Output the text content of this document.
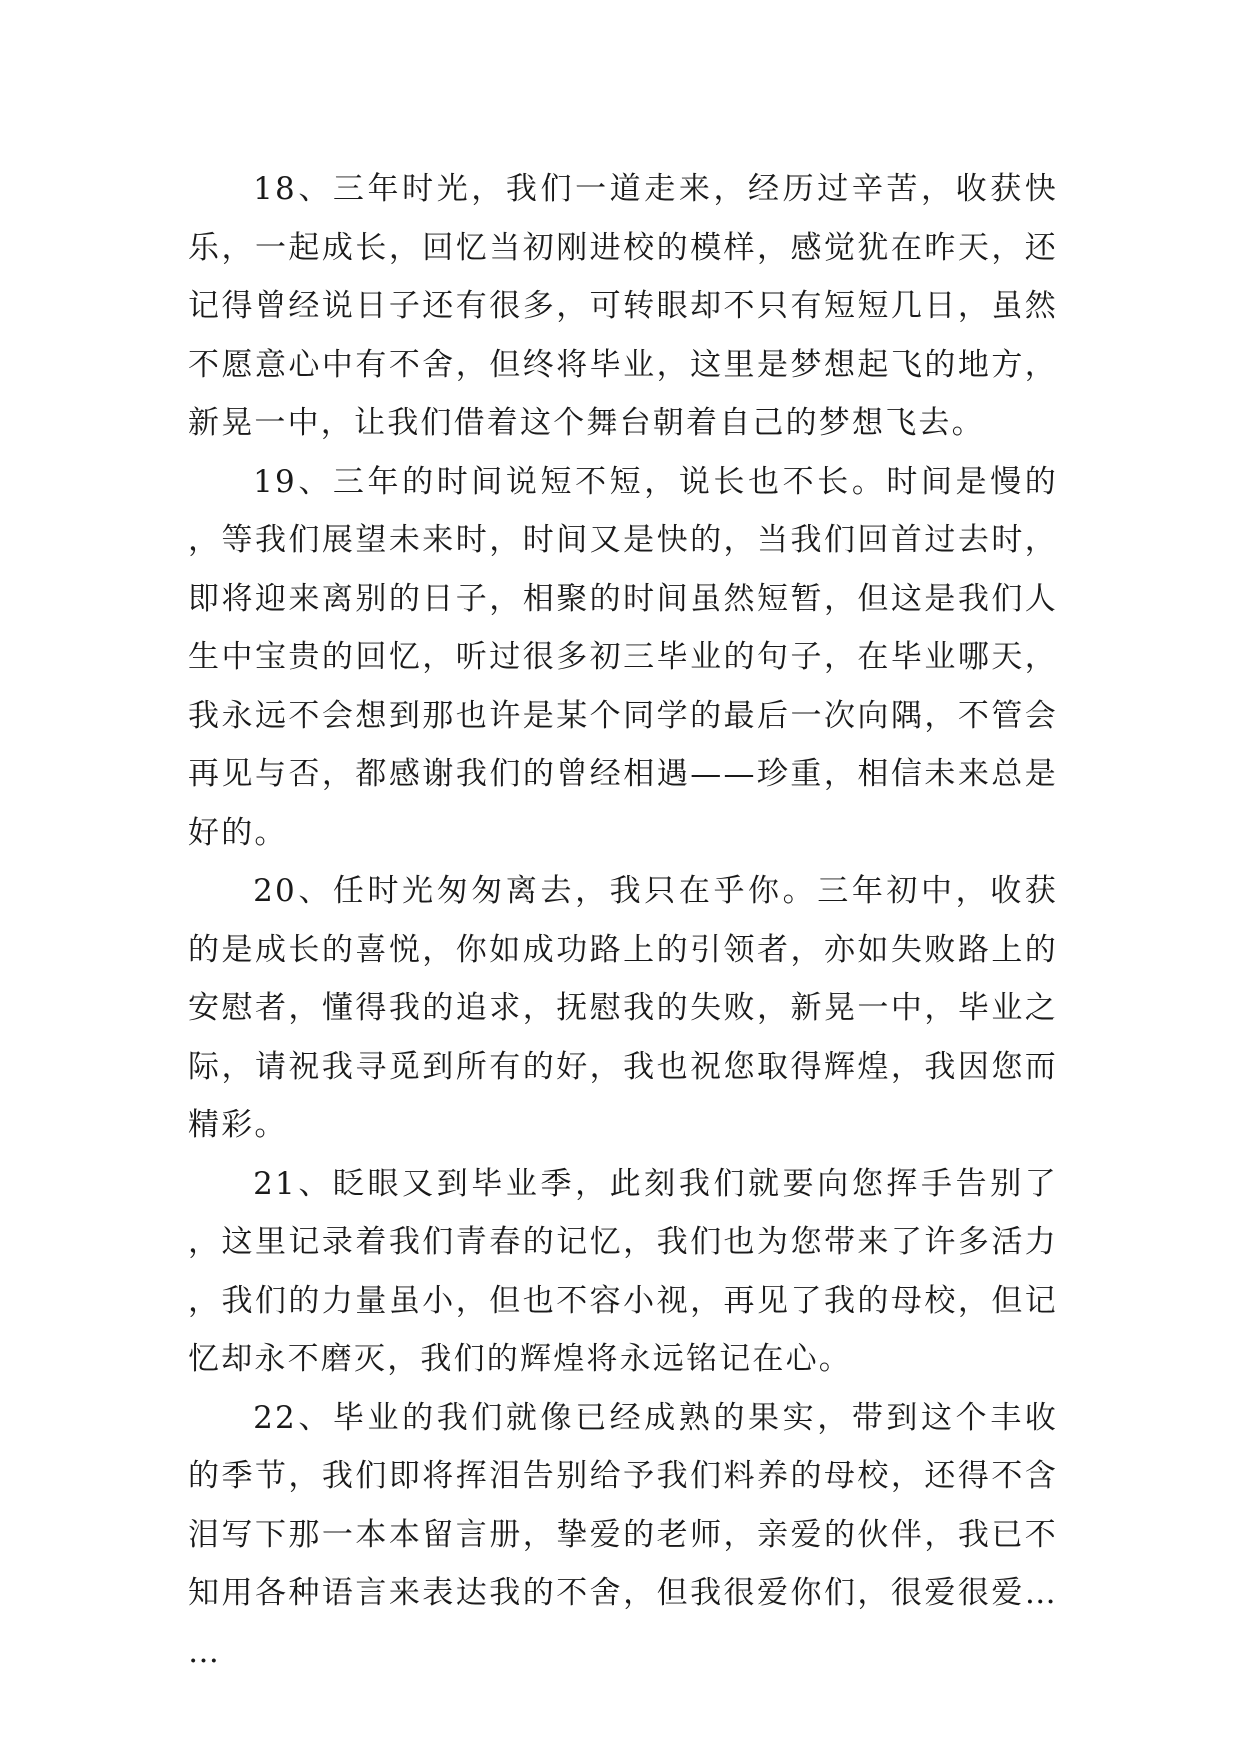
18、三年时光，我们一道走来，经历过辛苦，收获快乐，一起成长，回忆当初刚进校的模样，感觉犹在昨天，还记得曾经说日子还有很多，可转眼却不只有短短几日，虽然不愿意心中有不舍，但终将毕业，这里是梦想起飞的地方，新晃一中，让我们借着这个舞台朝着自己的梦想飞去。

19、三年的时间说短不短，说长也不长。时间是慢的，等我们展望未来时，时间又是快的，当我们回首过去时，即将迎来离别的日子，相聚的时间虽然短暂，但这是我们人生中宝贵的回忆，听过很多初三毕业的句子，在毕业哪天，我永远不会想到那也许是某个同学的最后一次向隅，不管会再见与否，都感谢我们的曾经相遇——珍重，相信未来总是好的。

20、任时光匆匆离去，我只在乎你。三年初中，收获的是成长的喜悦，你如成功路上的引领者，亦如失败路上的安慰者，懂得我的追求，抚慰我的失败，新晃一中，毕业之际，请祝我寻觅到所有的好，我也祝您取得辉煌，我因您而精彩。

21、眨眼又到毕业季，此刻我们就要向您挥手告别了，这里记录着我们青春的记忆，我们也为您带来了许多活力，我们的力量虽小，但也不容小视，再见了我的母校，但记忆却永不磨灭，我们的辉煌将永远铭记在心。

22、毕业的我们就像已经成熟的果实，带到这个丰收的季节，我们即将挥泪告别给予我们料养的母校，还得不含泪写下那一本本留言册，挚爱的老师，亲爱的伙伴，我已不知用各种语言来表达我的不舍，但我很爱你们，很爱很爱……
